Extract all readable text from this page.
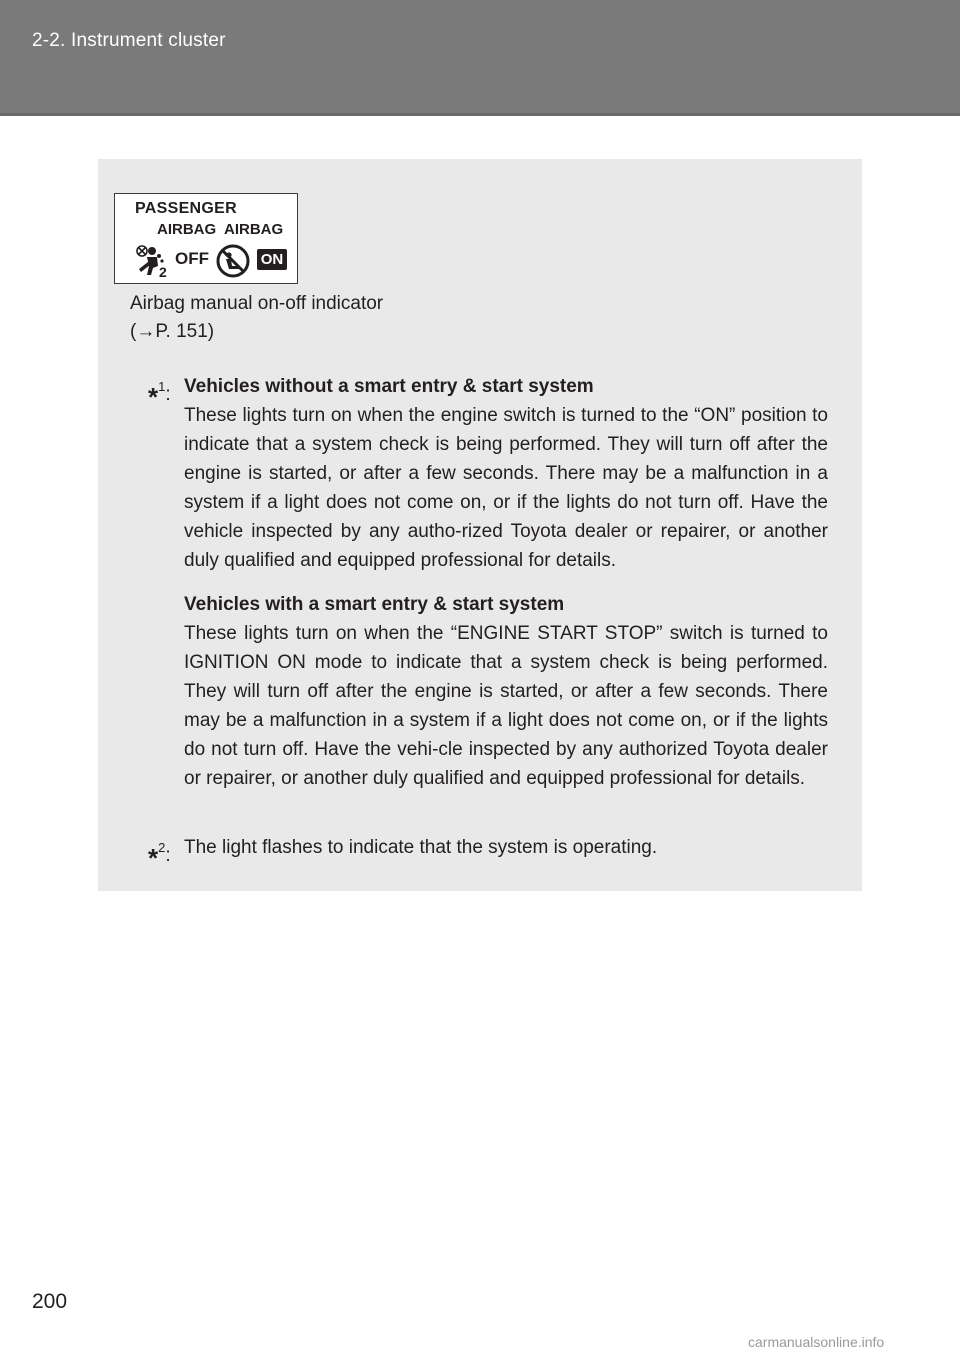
2-2. Instrument cluster
PASSENGER
AIRBAG AIRBAG
2
OFF	ON
Airbag manual on-off indicator
(→P. 151)
*$^1$: Vehicles without a smart entry & start system

These lights turn on when the engine switch is turned to the “ON” position to indicate that a system check is being performed. They will turn off after the engine is started, or after a few seconds. There may be a malfunction in a system if a light does not come on, or if the lights do not turn off. Have the vehicle inspected by any autho-rized Toyota dealer or repairer, or another duly qualified and equipped professional for details.

Vehicles with a smart entry & start system

These lights turn on when the “ENGINE START STOP” switch is turned to IGNITION ON mode to indicate that a system check is being performed. They will turn off after the engine is started, or after a few seconds. There may be a malfunction in a system if a light does not come on, or if the lights do not turn off. Have the vehi-cle inspected by any authorized Toyota dealer or repairer, or another duly qualified and equipped professional for details.

*$^2$: The light flashes to indicate that the system is operating.

200
carmanualsonline.info
